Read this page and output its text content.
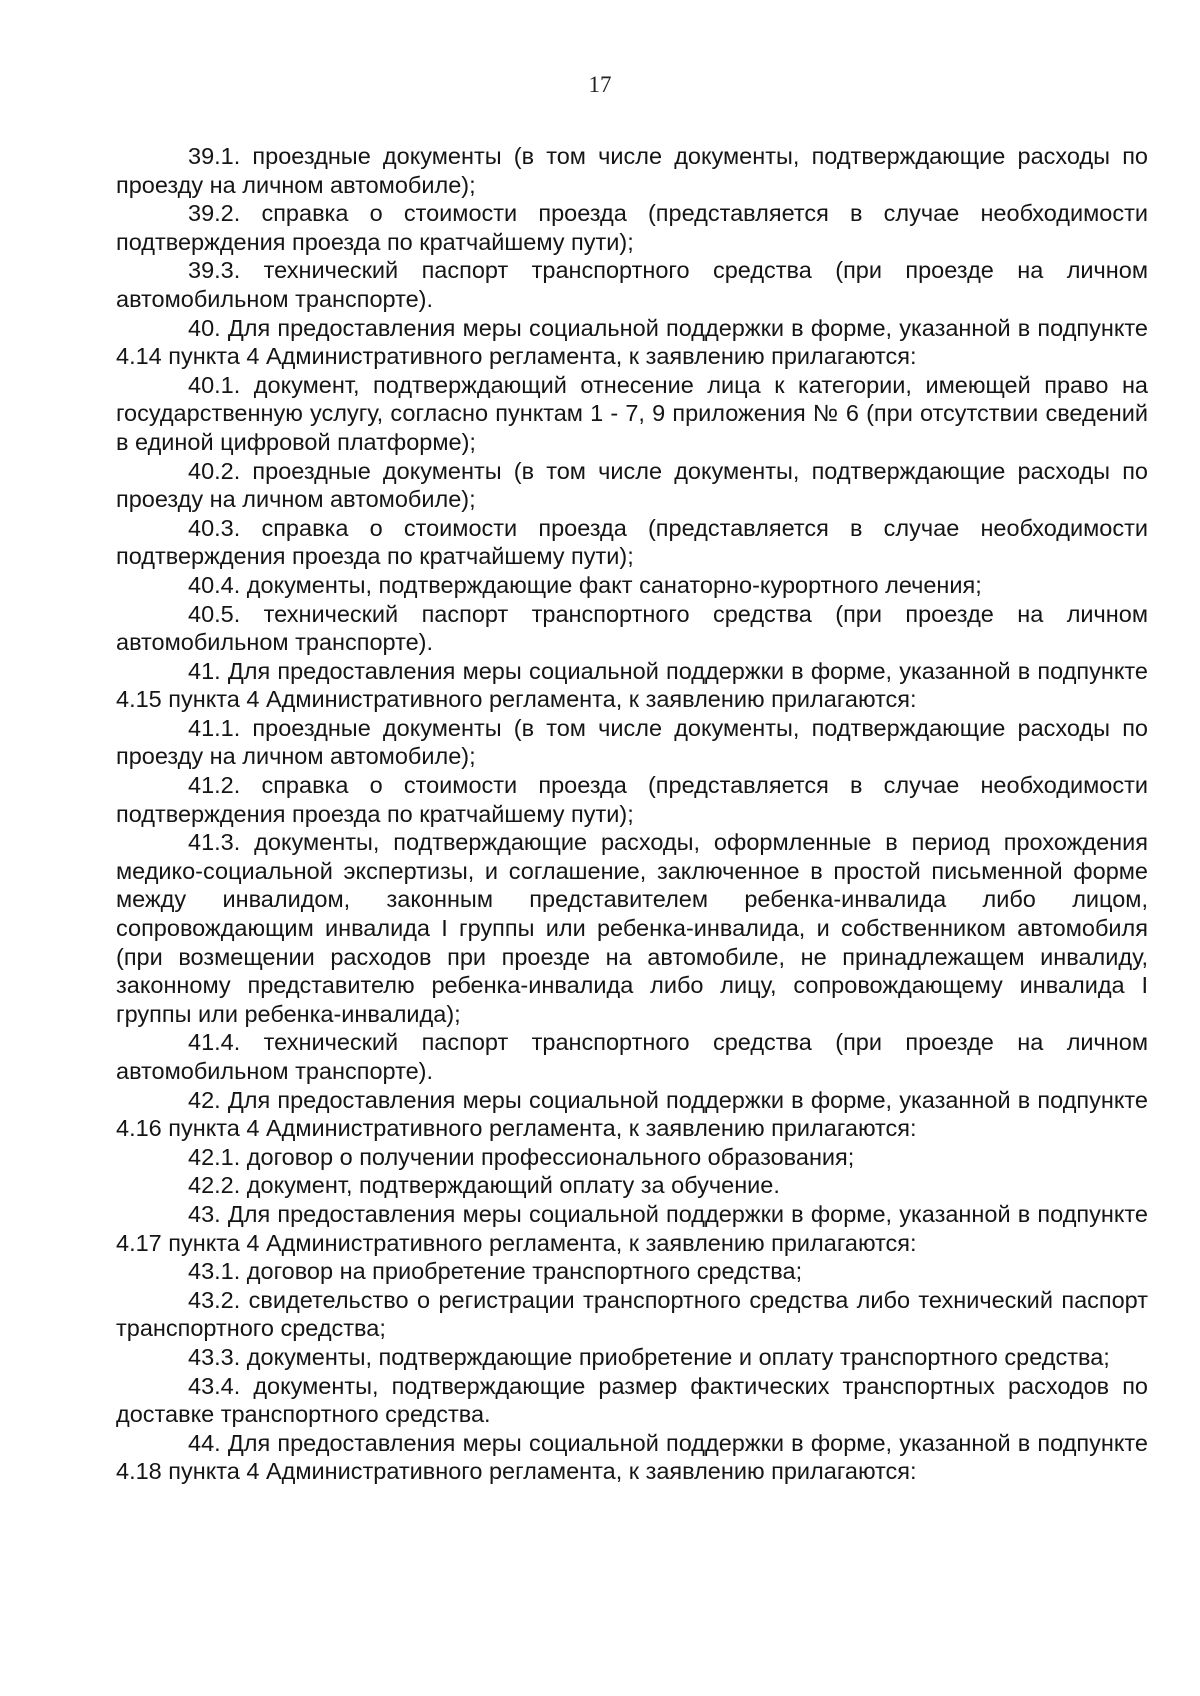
17

39.1. проездные документы (в том числе документы, подтверждающие расходы по проезду на личном автомобиле);

39.2. справка о стоимости проезда (представляется в случае необходимости подтверждения проезда по кратчайшему пути);

39.3. технический паспорт транспортного средства (при проезде на личном автомобильном транспорте).

40. Для предоставления меры социальной поддержки в форме, указанной в подпункте 4.14 пункта 4 Административного регламента, к заявлению прилагаются:

40.1. документ, подтверждающий отнесение лица к категории, имеющей право на государственную услугу, согласно пунктам 1 - 7, 9 приложения № 6 (при отсутствии сведений в единой цифровой платформе);

40.2. проездные документы (в том числе документы, подтверждающие расходы по проезду на личном автомобиле);

40.3. справка о стоимости проезда (представляется в случае необходимости подтверждения проезда по кратчайшему пути);

40.4. документы, подтверждающие факт санаторно-курортного лечения;

40.5. технический паспорт транспортного средства (при проезде на личном автомобильном транспорте).

41. Для предоставления меры социальной поддержки в форме, указанной в подпункте 4.15 пункта 4 Административного регламента, к заявлению прилагаются:

41.1. проездные документы (в том числе документы, подтверждающие расходы по проезду на личном автомобиле);

41.2. справка о стоимости проезда (представляется в случае необходимости подтверждения проезда по кратчайшему пути);

41.3. документы, подтверждающие расходы, оформленные в период прохождения медико-социальной экспертизы, и соглашение, заключенное в простой письменной форме между инвалидом, законным представителем ребенка-инвалида либо лицом, сопровождающим инвалида I группы или ребенка-инвалида, и собственником автомобиля (при возмещении расходов при проезде на автомобиле, не принадлежащем инвалиду, законному представителю ребенка-инвалида либо лицу, сопровождающему инвалида I группы или ребенка-инвалида);

41.4. технический паспорт транспортного средства (при проезде на личном автомобильном транспорте).

42. Для предоставления меры социальной поддержки в форме, указанной в подпункте 4.16 пункта 4 Административного регламента, к заявлению прилагаются:

42.1. договор о получении профессионального образования;

42.2. документ, подтверждающий оплату за обучение.

43. Для предоставления меры социальной поддержки в форме, указанной в подпункте 4.17 пункта 4 Административного регламента, к заявлению прилагаются:

43.1. договор на приобретение транспортного средства;

43.2. свидетельство о регистрации транспортного средства либо технический паспорт транспортного средства;

43.3. документы, подтверждающие приобретение и оплату транспортного средства;

43.4. документы, подтверждающие размер фактических транспортных расходов по доставке транспортного средства.

44. Для предоставления меры социальной поддержки в форме, указанной в подпункте 4.18 пункта 4 Административного регламента, к заявлению прилагаются:
